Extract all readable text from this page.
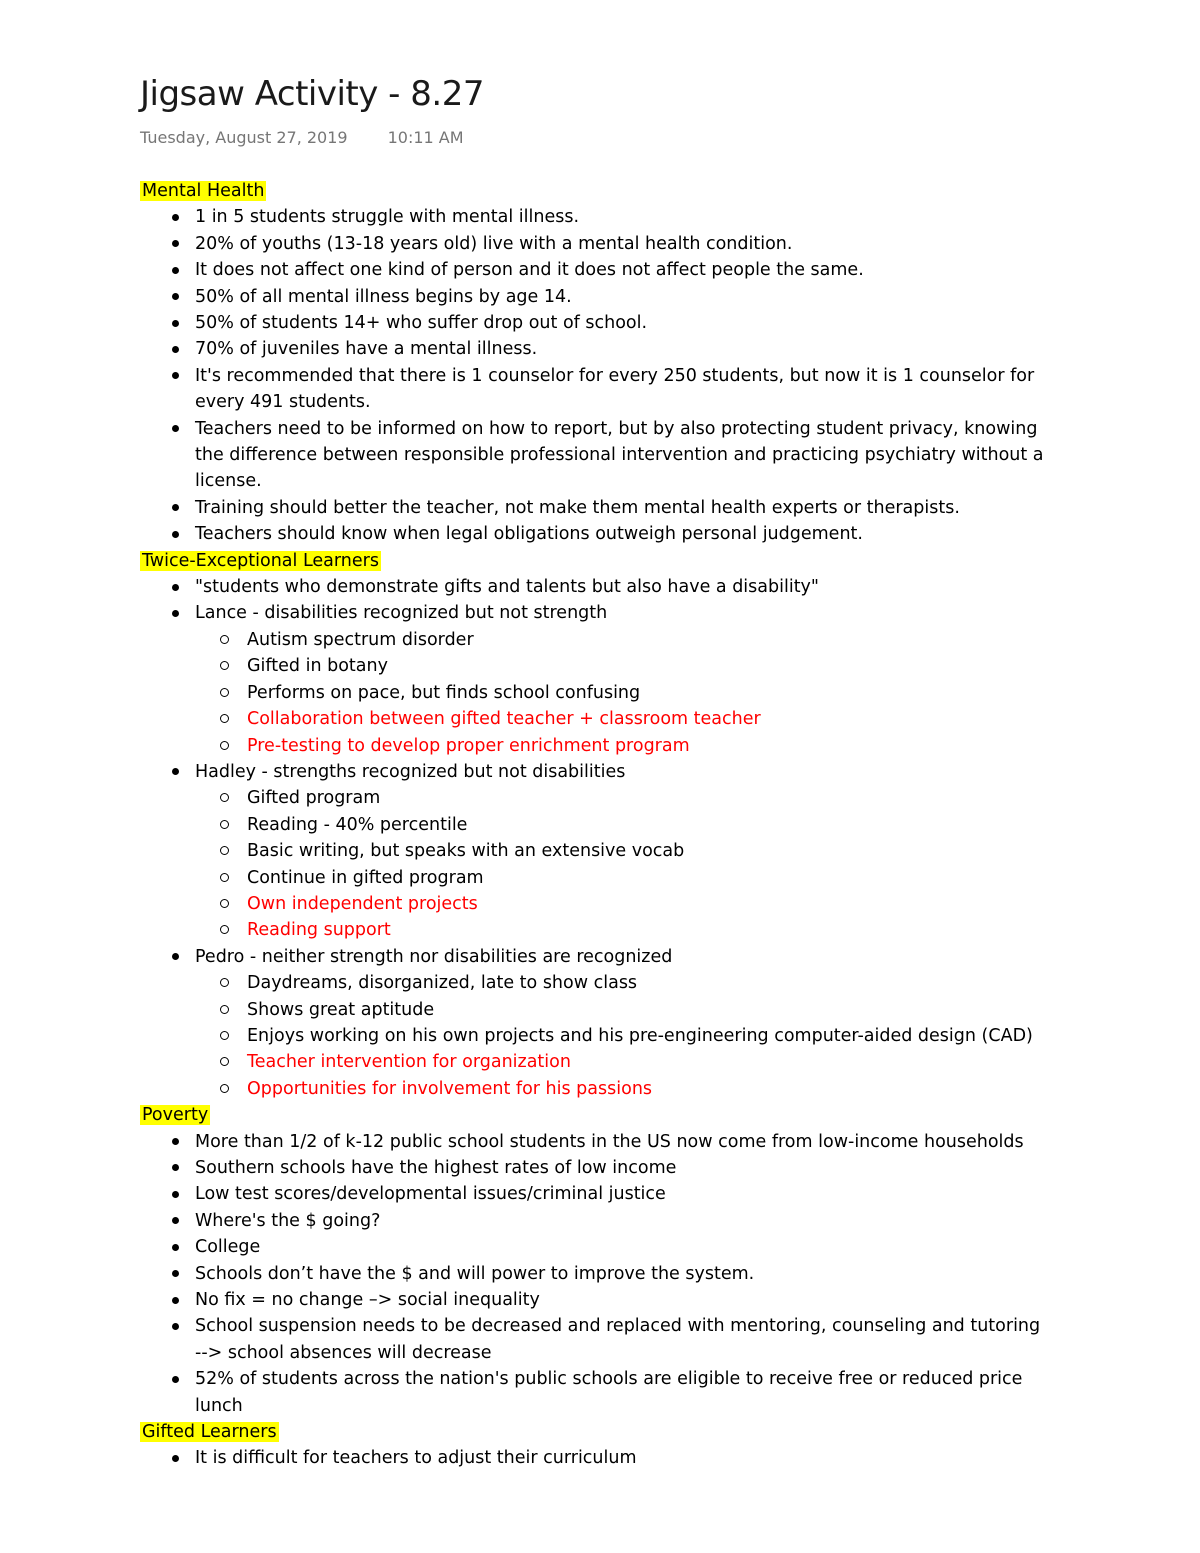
Jigsaw Activity - 8.27
Tuesday, August 27, 2019	10:11 AM
Mental Health
1 in 5 students struggle with mental illness.
20% of youths (13-18 years old) live with a mental health condition.
It does not affect one kind of person and it does not affect people the same.
50% of all mental illness begins by age 14.
50% of students 14+ who suffer drop out of school.
70% of juveniles have a mental illness.
It's recommended that there is 1 counselor for every 250 students, but now it is 1 counselor for every 491 students.
Teachers need to be informed on how to report, but by also protecting student privacy, knowing the difference between responsible professional intervention and practicing psychiatry without a license.
Training should better the teacher, not make them mental health experts or therapists.
Teachers should know when legal obligations outweigh personal judgement.
Twice-Exceptional Learners
"students who demonstrate gifts and talents but also have a disability"
Lance - disabilities recognized but not strength
Autism spectrum disorder
Gifted in botany
Performs on pace, but finds school confusing
Collaboration between gifted teacher + classroom teacher
Pre-testing to develop proper enrichment program
Hadley - strengths recognized but not disabilities
Gifted program
Reading - 40% percentile
Basic writing, but speaks with an extensive vocab
Continue in gifted program
Own independent projects
Reading support
Pedro - neither strength nor disabilities are recognized
Daydreams, disorganized, late to show class
Shows great aptitude
Enjoys working on his own projects and his pre-engineering computer-aided design (CAD)
Teacher intervention for organization
Opportunities for involvement for his passions
Poverty
More than 1/2 of k-12 public school students in the US now come from low-income households
Southern schools have the highest rates of low income
Low test scores/developmental issues/criminal justice
Where's the $ going?
College
Schools don’t have the $ and will power to improve the system.
No fix = no change –> social inequality
School suspension needs to be decreased and replaced with mentoring, counseling and tutoring --> school absences will decrease
52% of students across the nation's public schools are eligible to receive free or reduced price lunch
Gifted Learners
It is difficult for teachers to adjust their curriculum
